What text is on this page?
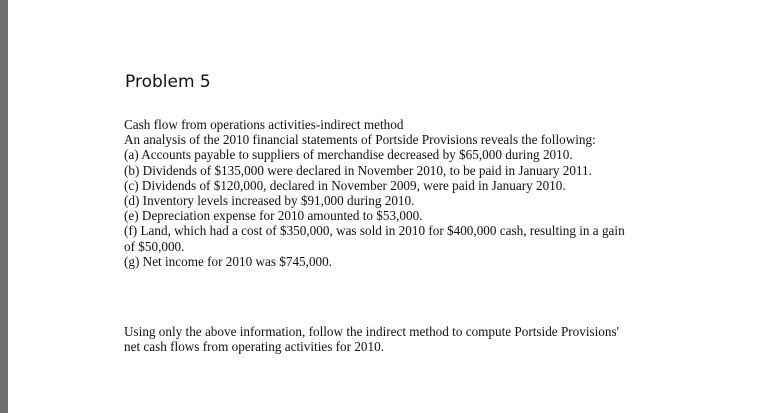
Problem 5
Cash flow from operations activities-indirect method
An analysis of the 2010 financial statements of Portside Provisions reveals the following:
(a) Accounts payable to suppliers of merchandise decreased by $65,000 during 2010.
(b) Dividends of $135,000 were declared in November 2010, to be paid in January 2011.
(c) Dividends of $120,000, declared in November 2009, were paid in January 2010.
(d) Inventory levels increased by $91,000 during 2010.
(e) Depreciation expense for 2010 amounted to $53,000.
(f) Land, which had a cost of $350,000, was sold in 2010 for $400,000 cash, resulting in a gain
of $50,000.
(g) Net income for 2010 was $745,000.
Using only the above information, follow the indirect method to compute Portside Provisions'
net cash flows from operating activities for 2010.
